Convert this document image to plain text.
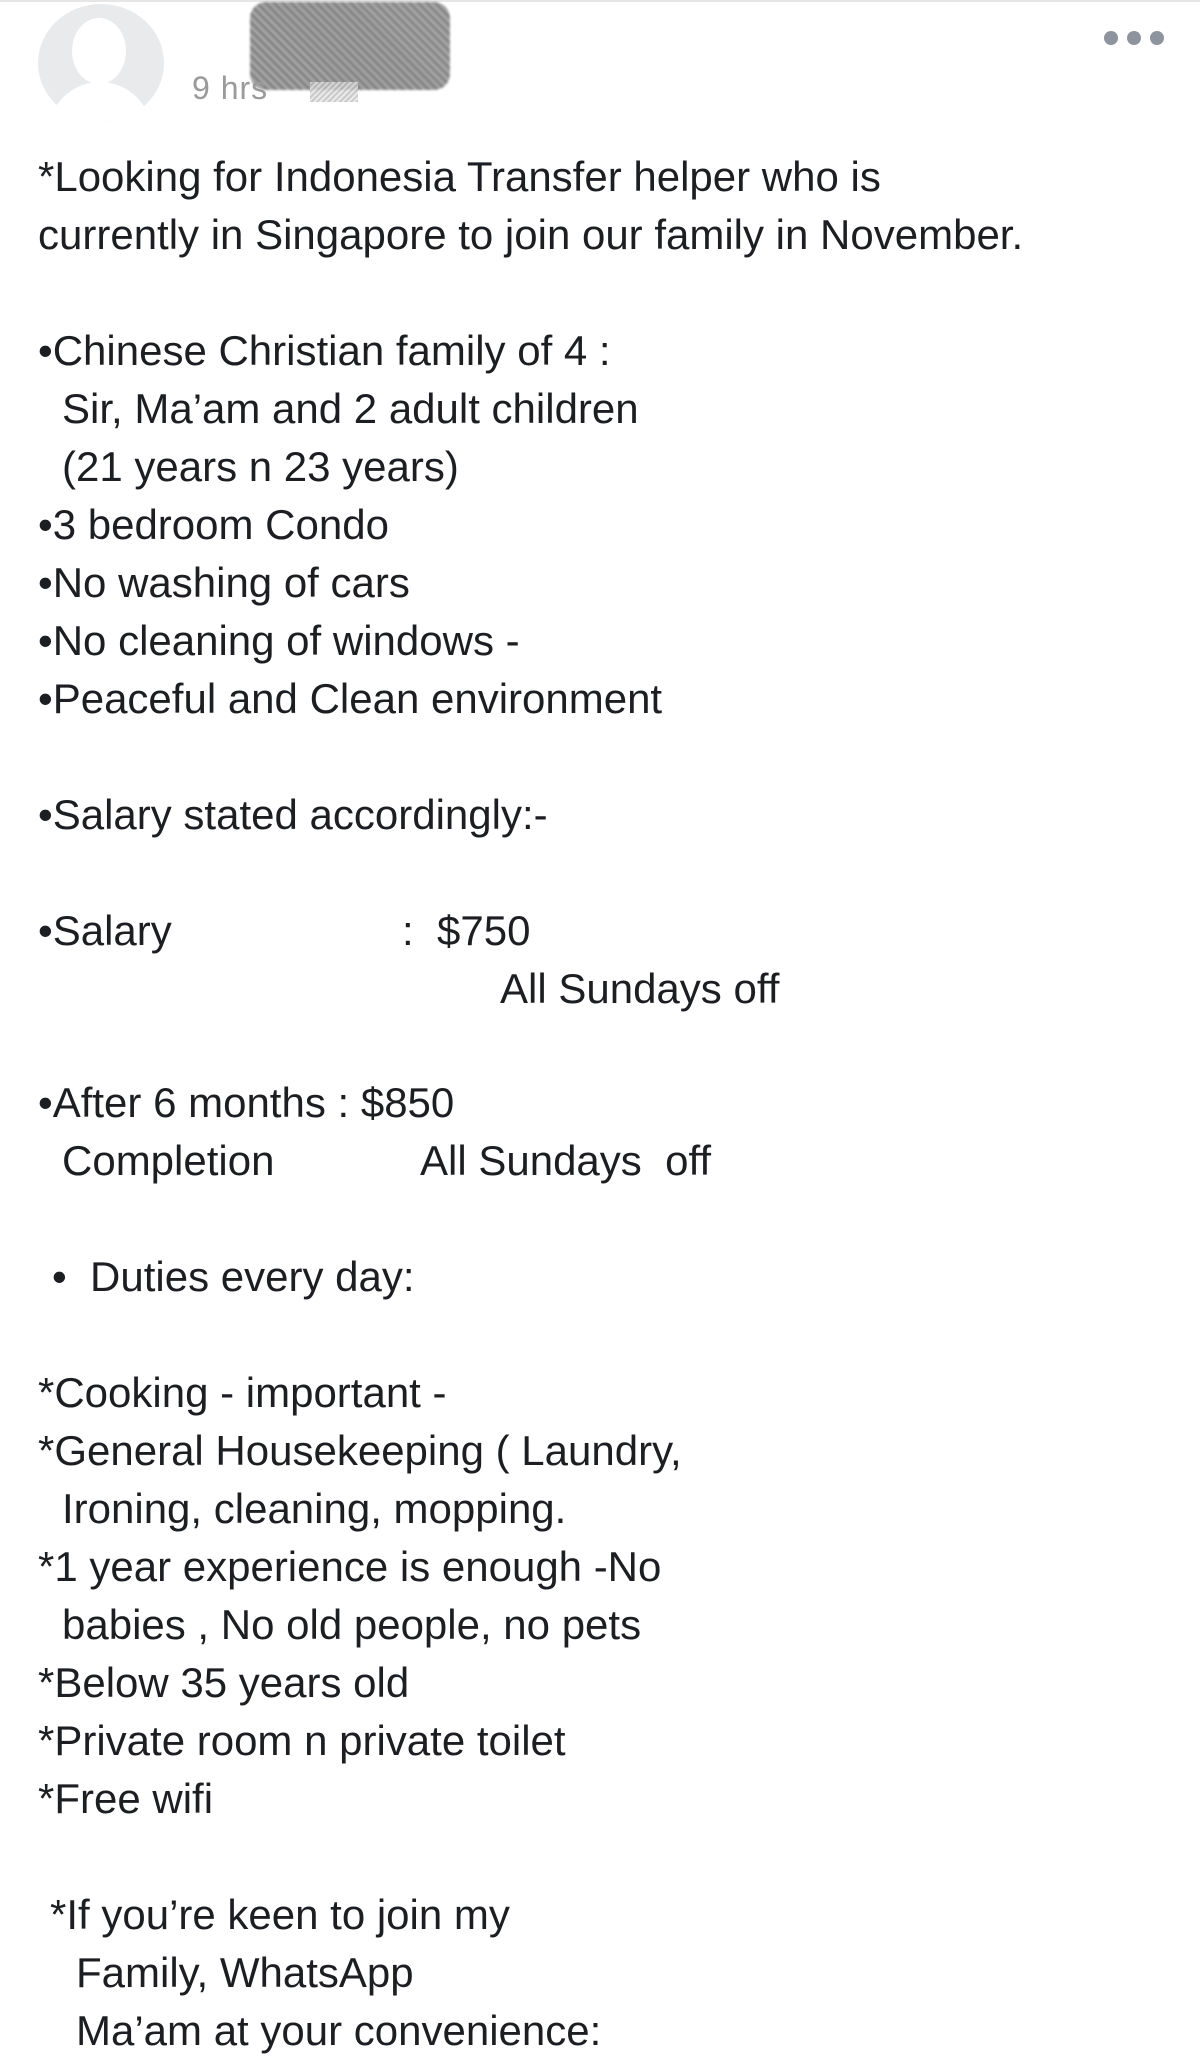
9 hrs
*Looking for Indonesia Transfer helper who is
currently in Singapore to join our family in November.
•Chinese Christian family of 4 :
Sir, Ma’am and 2 adult children
(21 years n 23 years)
•3 bedroom Condo
•No washing of cars
•No cleaning of windows -
•Peaceful and Clean environment
•Salary stated accordingly:-
•Salary	:  $750
All Sundays off
•After 6 months : $850
Completion	All Sundays  off
•  Duties every day:
*Cooking - important -
*General Housekeeping ( Laundry,
Ironing, cleaning, mopping.
*1 year experience is enough -No
babies , No old people, no pets
*Below 35 years old
*Private room n private toilet
*Free wifi
*If you’re keen to join my
Family, WhatsApp
Ma’am at your convenience:
